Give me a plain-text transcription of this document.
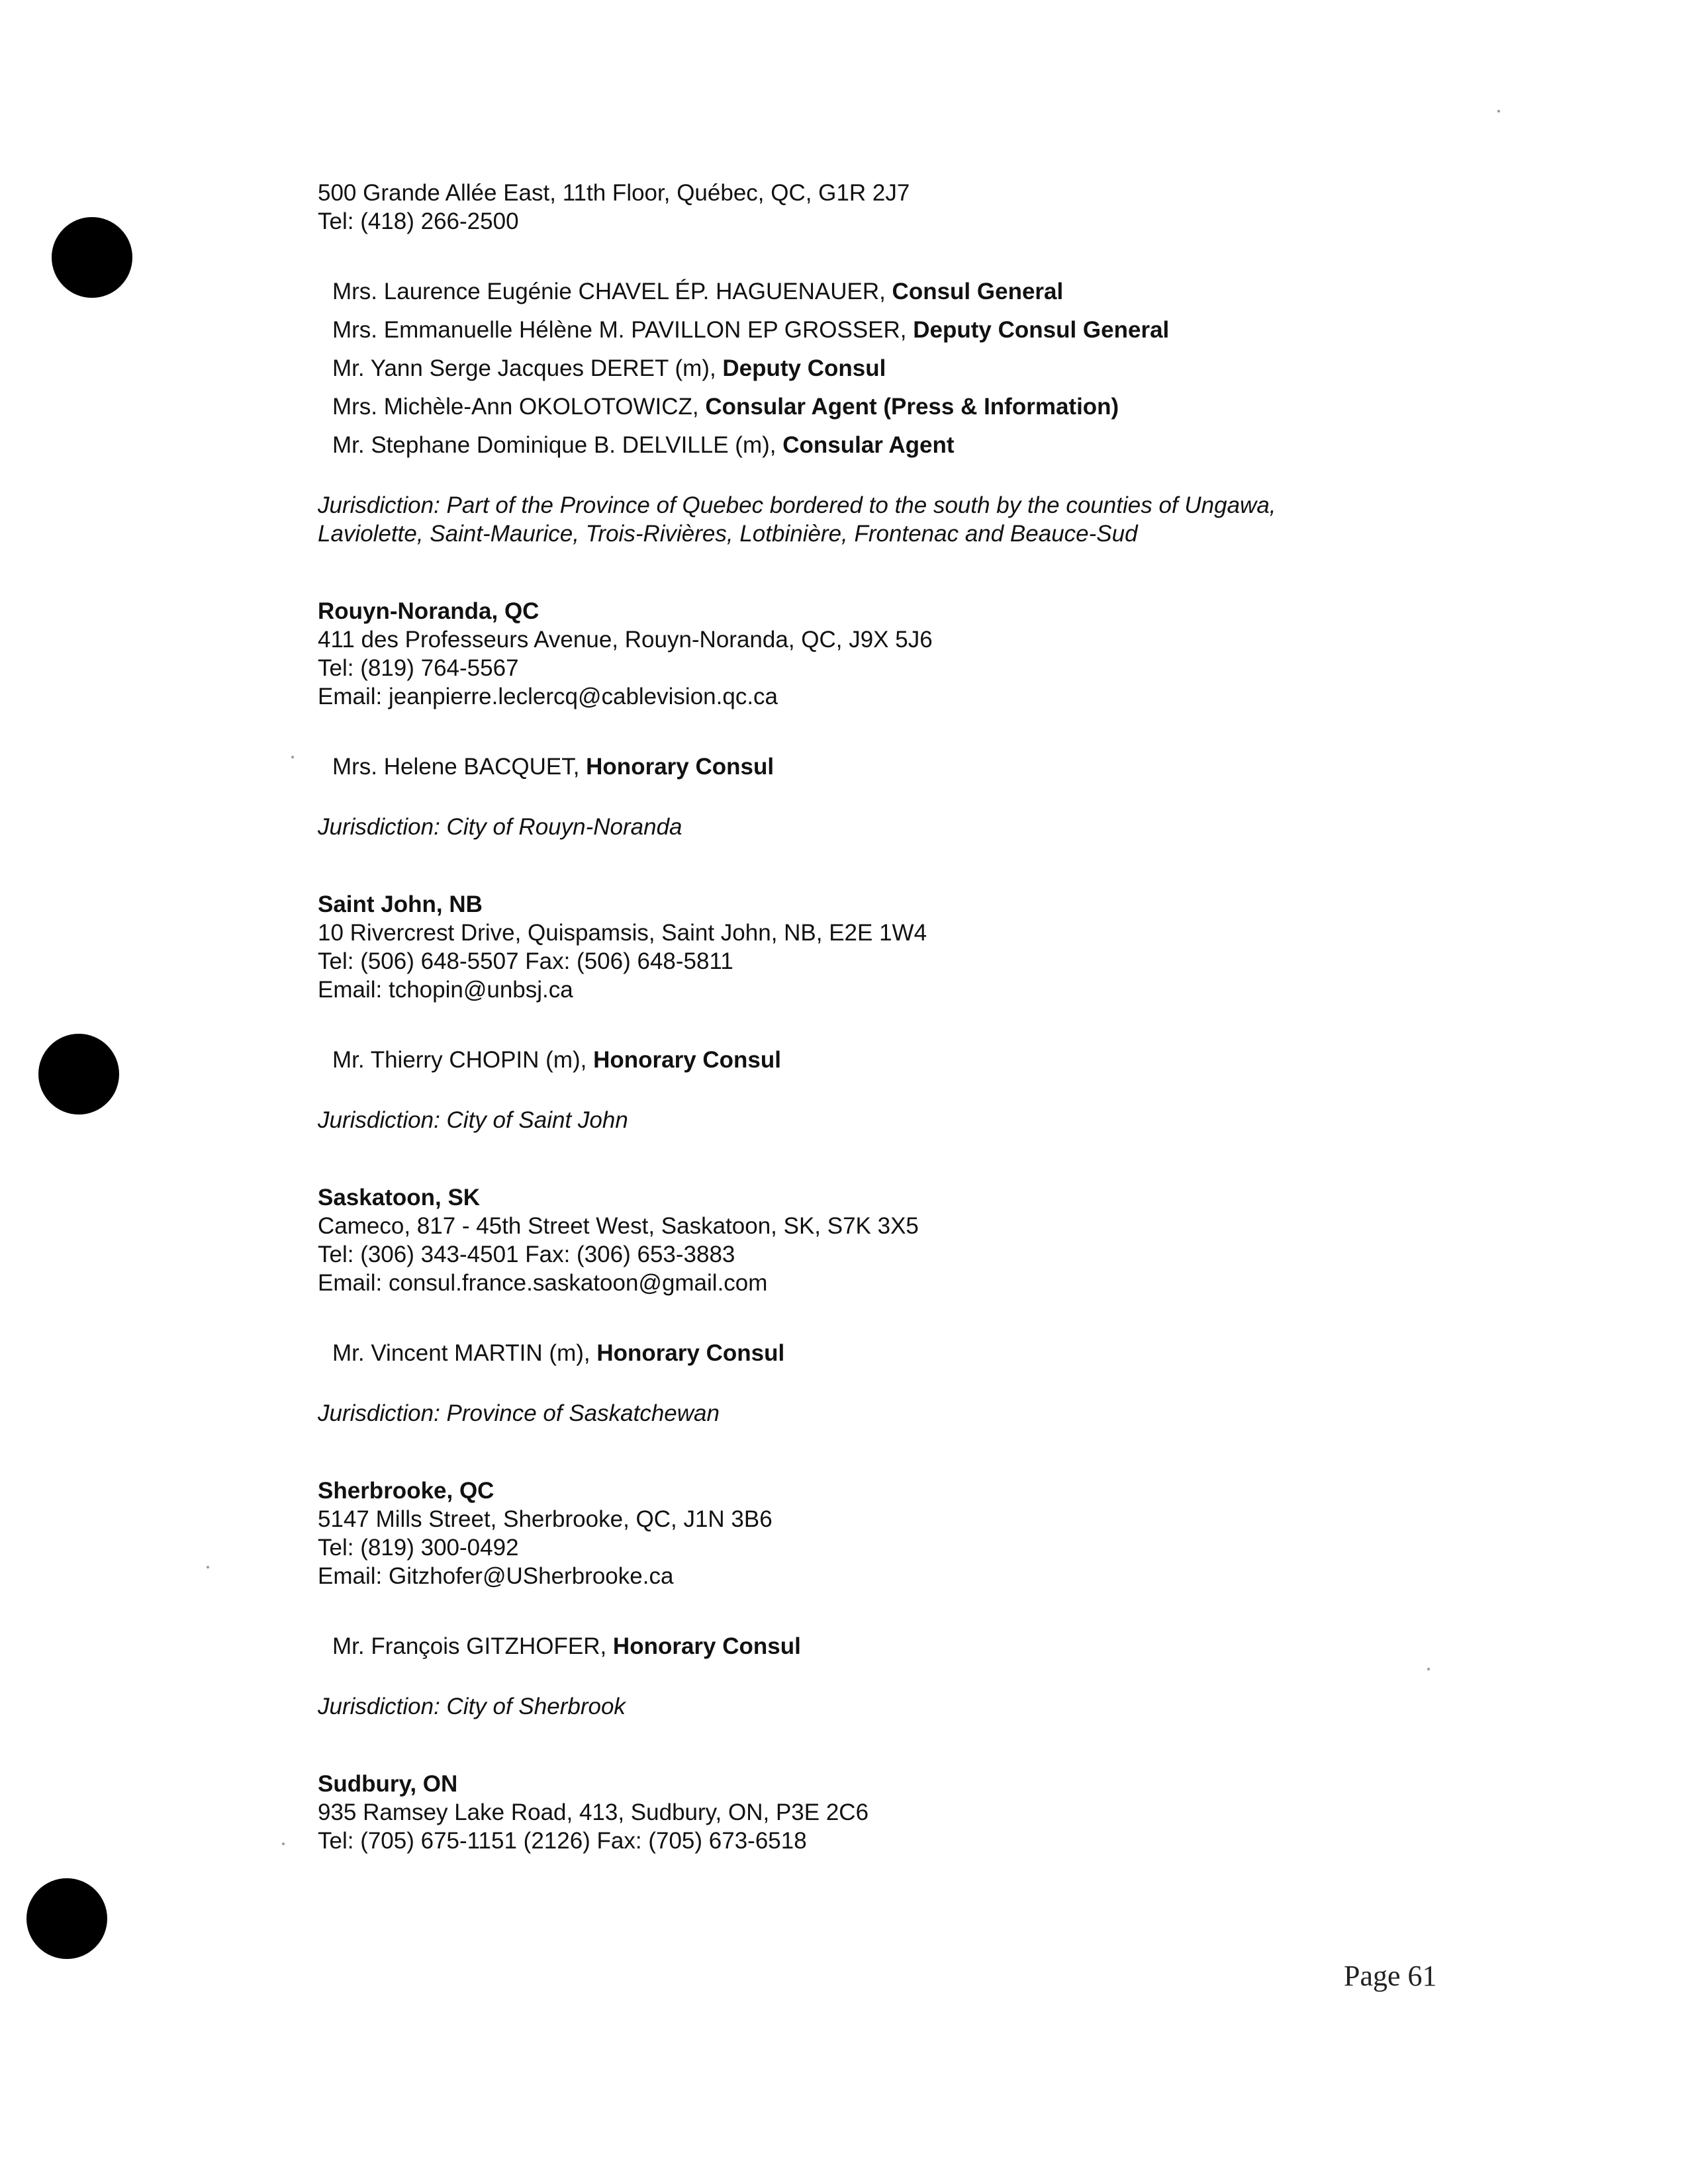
500 Grande Allée East, 11th Floor, Québec, QC, G1R 2J7
Tel: (418) 266-2500
Mrs. Laurence Eugénie CHAVEL ÉP. HAGUENAUER, Consul General
Mrs. Emmanuelle Hélène M. PAVILLON EP GROSSER, Deputy Consul General
Mr. Yann Serge Jacques DERET (m), Deputy Consul
Mrs. Michèle-Ann OKOLOTOWICZ, Consular Agent (Press & Information)
Mr. Stephane Dominique B. DELVILLE (m), Consular Agent
Jurisdiction: Part of the Province of Quebec bordered to the south by the counties of Ungawa,
Laviolette, Saint-Maurice, Trois-Rivières, Lotbinière, Frontenac and Beauce-Sud
Rouyn-Noranda, QC
411 des Professeurs Avenue, Rouyn-Noranda, QC, J9X 5J6
Tel: (819) 764-5567
Email: jeanpierre.leclercq@cablevision.qc.ca
Mrs. Helene BACQUET, Honorary Consul
Jurisdiction: City of Rouyn-Noranda
Saint John, NB
10 Rivercrest Drive, Quispamsis, Saint John, NB, E2E 1W4
Tel: (506) 648-5507 Fax: (506) 648-5811
Email: tchopin@unbsj.ca
Mr. Thierry CHOPIN (m), Honorary Consul
Jurisdiction: City of Saint John
Saskatoon, SK
Cameco, 817 - 45th Street West, Saskatoon, SK, S7K 3X5
Tel: (306) 343-4501 Fax: (306) 653-3883
Email: consul.france.saskatoon@gmail.com
Mr. Vincent MARTIN (m), Honorary Consul
Jurisdiction: Province of Saskatchewan
Sherbrooke, QC
5147 Mills Street, Sherbrooke, QC, J1N 3B6
Tel: (819) 300-0492
Email: Gitzhofer@USherbrooke.ca
Mr. François GITZHOFER, Honorary Consul
Jurisdiction: City of Sherbrook
Sudbury, ON
935 Ramsey Lake Road, 413, Sudbury, ON, P3E 2C6
Tel: (705) 675-1151 (2126) Fax: (705) 673-6518
Page 61
